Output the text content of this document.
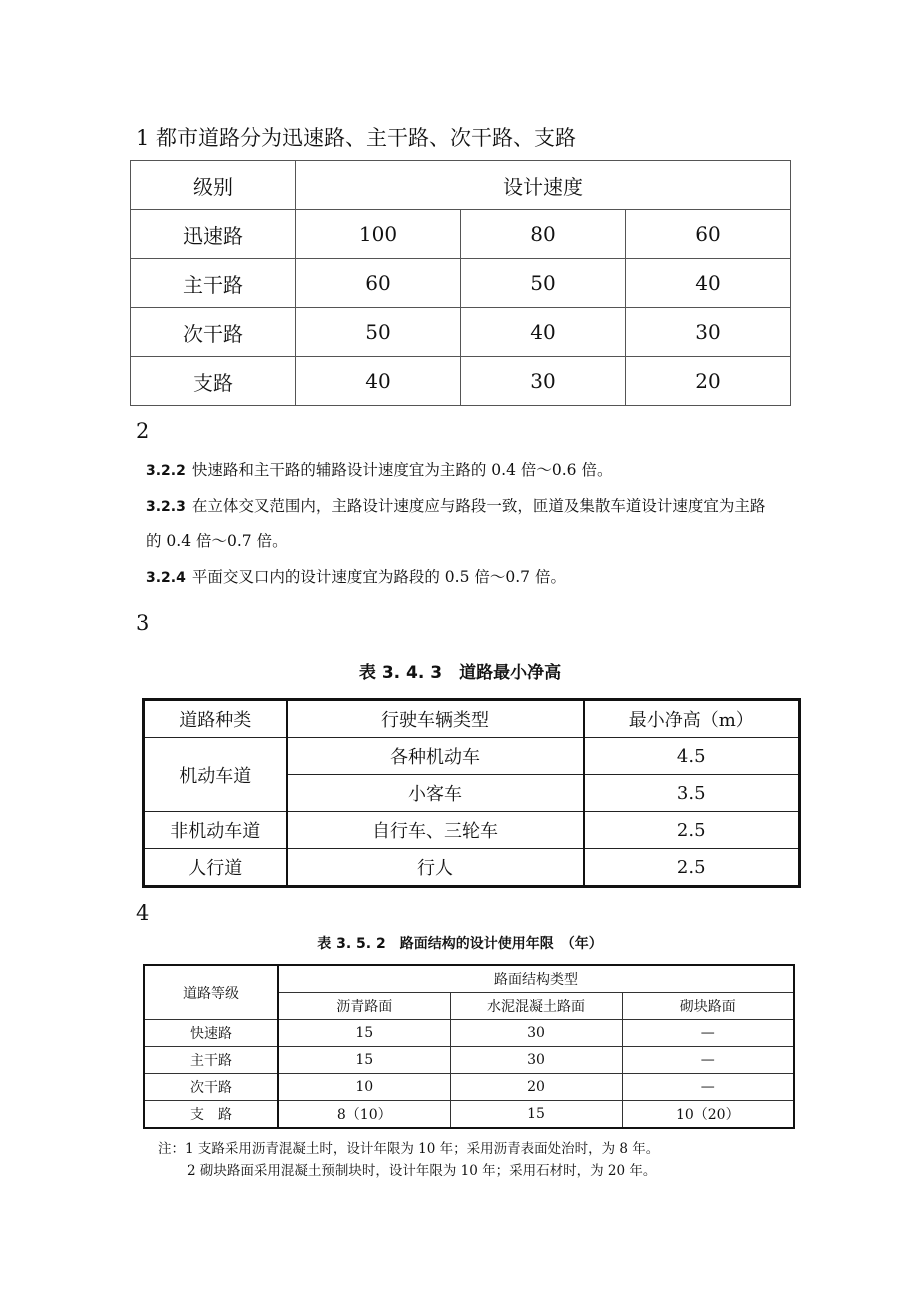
1 都市道路分为迅速路、主干路、次干路、支路
级别	设计速度		
迅速路	100	80	60
主干路	60	50	40
次干路	50	40	30
支路	40	30	20
2
3.2.2 快速路和主干路的辅路设计速度宜为主路的 0.4 倍～0.6 倍。
3.2.3 在立体交叉范围内，主路设计速度应与路段一致，匝道及集散车道设计速度宜为主路
的 0.4 倍～0.7 倍。
3.2.4 平面交叉口内的设计速度宜为路段的 0.5 倍～0.7 倍。
3
表 3. 4. 3　道路最小净高
道路种类	行驶车辆类型	最小净高（m）
机动车道	各种机动车	4.5
	小客车	3.5
非机动车道	自行车、三轮车	2.5
人行道	行人	2.5
4
表 3. 5. 2　路面结构的设计使用年限　（年）
道路等级	路面结构类型		
	沥青路面	水泥混凝土路面	砌块路面
快速路	15	30	—
主干路	15	30	—
次干路	10	20	—
支　路	8（10）	15	10（20）
注：1 支路采用沥青混凝土时，设计年限为 10 年；采用沥青表面处治时，为 8 年。
2 砌块路面采用混凝土预制块时，设计年限为 10 年；采用石材时，为 20 年。
